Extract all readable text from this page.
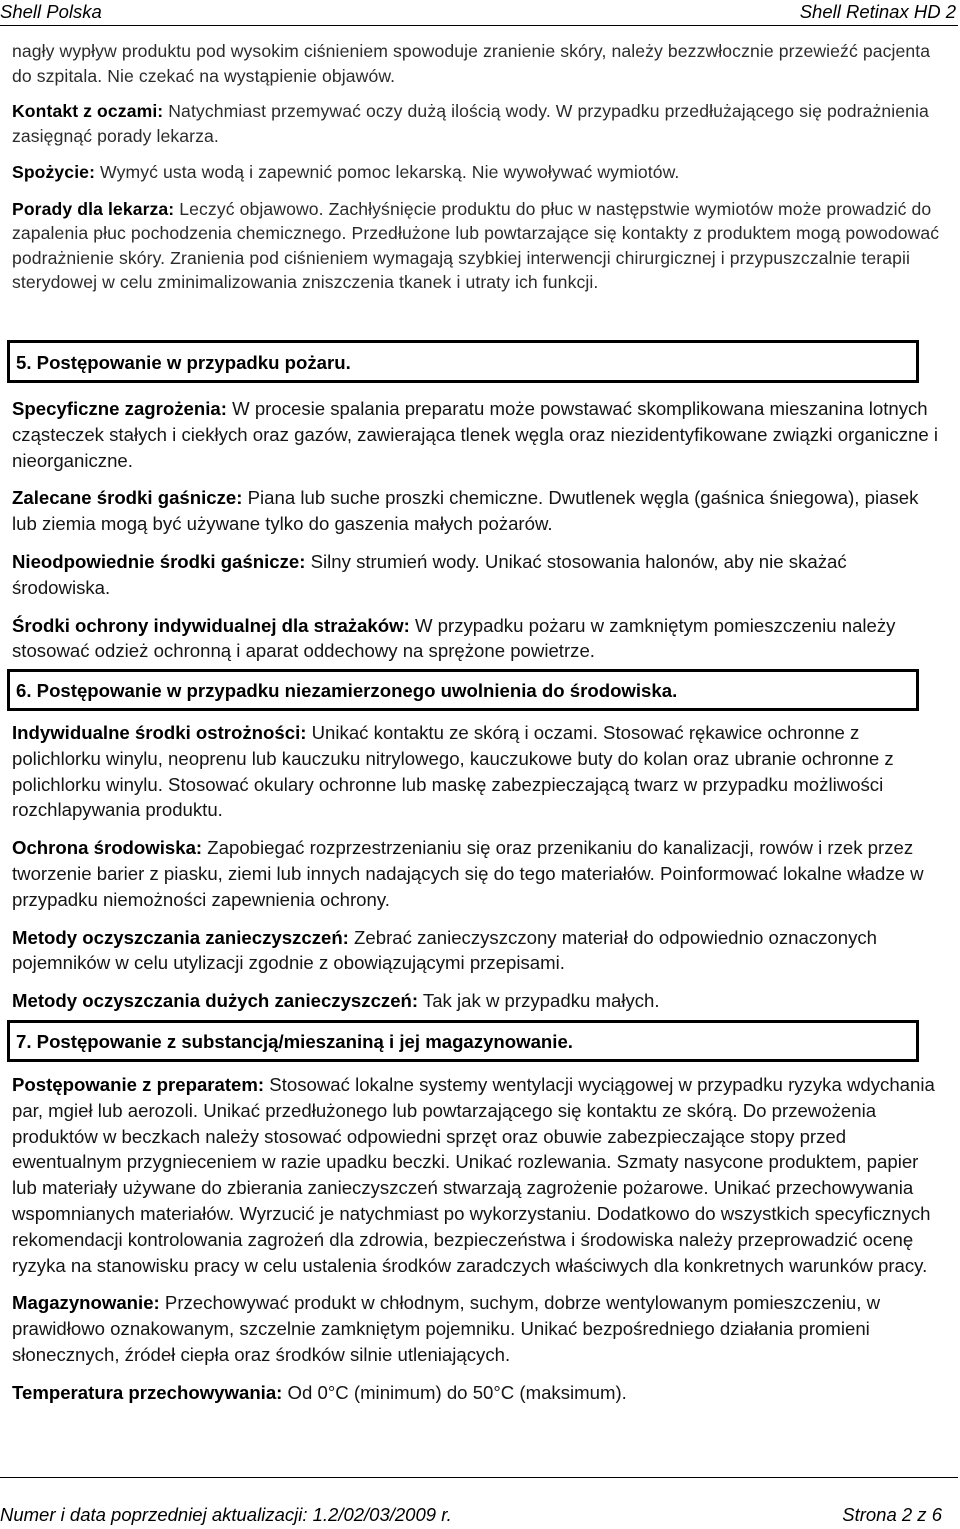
Shell Polska	Shell Retinax HD 2

nagły wypływ produktu pod wysokim ciśnieniem spowoduje zranienie skóry, należy bezzwłocznie przewieźć pacjenta do szpitala. Nie czekać na wystąpienie objawów.

Kontakt z oczami: Natychmiast przemywać oczy dużą ilością wody. W przypadku przedłużającego się podrażnienia zasięgnąć porady lekarza.

Spożycie: Wymyć usta wodą i zapewnić pomoc lekarską. Nie wywoływać wymiotów.

Porady dla lekarza: Leczyć objawowo. Zachłyśnięcie produktu do płuc w następstwie wymiotów może prowadzić do zapalenia płuc pochodzenia chemicznego. Przedłużone lub powtarzające się kontakty z produktem mogą powodować podrażnienie skóry. Zranienia pod ciśnieniem wymagają szybkiej interwencji chirurgicznej i przypuszczalnie terapii sterydowej w celu zminimalizowania zniszczenia tkanek i utraty ich funkcji.

5. Postępowanie w przypadku pożaru.

Specyficzne zagrożenia: W procesie spalania preparatu może powstawać skomplikowana mieszanina lotnych cząsteczek stałych i ciekłych oraz gazów, zawierająca tlenek węgla oraz niezidentyfikowane związki organiczne i nieorganiczne.

Zalecane środki gaśnicze: Piana lub suche proszki chemiczne. Dwutlenek węgla (gaśnica śniegowa), piasek lub ziemia mogą być używane tylko do gaszenia małych pożarów.

Nieodpowiednie środki gaśnicze: Silny strumień wody. Unikać stosowania halonów, aby nie skażać środowiska.

Środki ochrony indywidualnej dla strażaków: W przypadku pożaru w zamkniętym pomieszczeniu należy stosować odzież ochronną i aparat oddechowy na sprężone powietrze.

6. Postępowanie w przypadku niezamierzonego uwolnienia do środowiska.

Indywidualne środki ostrożności: Unikać kontaktu ze skórą i oczami. Stosować rękawice ochronne z polichlorku winylu, neoprenu lub kauczuku nitrylowego, kauczukowe buty do kolan oraz ubranie ochronne z polichlorku winylu. Stosować okulary ochronne lub maskę zabezpieczającą twarz w przypadku możliwości rozchlapywania produktu.

Ochrona środowiska: Zapobiegać rozprzestrzenianiu się oraz przenikaniu do kanalizacji, rowów i rzek przez tworzenie barier z piasku, ziemi lub innych nadających się do tego materiałów. Poinformować lokalne władze w przypadku niemożności zapewnienia ochrony.

Metody oczyszczania zanieczyszczeń: Zebrać zanieczyszczony materiał do odpowiednio oznaczonych pojemników w celu utylizacji zgodnie z obowiązującymi przepisami.

Metody oczyszczania dużych zanieczyszczeń: Tak jak w przypadku małych.

7. Postępowanie z substancją/mieszaniną i jej magazynowanie.

Postępowanie z preparatem: Stosować lokalne systemy wentylacji wyciągowej w przypadku ryzyka wdychania par, mgieł lub aerozoli. Unikać przedłużonego lub powtarzającego się kontaktu ze skórą. Do przewożenia produktów w beczkach należy stosować odpowiedni sprzęt oraz obuwie zabezpieczające stopy przed ewentualnym przygnieceniem w razie upadku beczki. Unikać rozlewania. Szmaty nasycone produktem, papier lub materiały używane do zbierania zanieczyszczeń stwarzają zagrożenie pożarowe. Unikać przechowywania wspomnianych materiałów. Wyrzucić je natychmiast po wykorzystaniu. Dodatkowo do wszystkich specyficznych rekomendacji kontrolowania zagrożeń dla zdrowia, bezpieczeństwa i środowiska należy przeprowadzić ocenę ryzyka na stanowisku pracy w celu ustalenia środków zaradczych właściwych dla konkretnych warunków pracy.

Magazynowanie: Przechowywać produkt w chłodnym, suchym, dobrze wentylowanym pomieszczeniu, w prawidłowo oznakowanym, szczelnie zamkniętym pojemniku. Unikać bezpośredniego działania promieni słonecznych, źródeł ciepła oraz środków silnie utleniających.

Temperatura przechowywania: Od 0°C (minimum) do 50°C (maksimum).

Numer i data poprzedniej aktualizacji: 1.2/02/03/2009 r.	Strona 2 z 6
